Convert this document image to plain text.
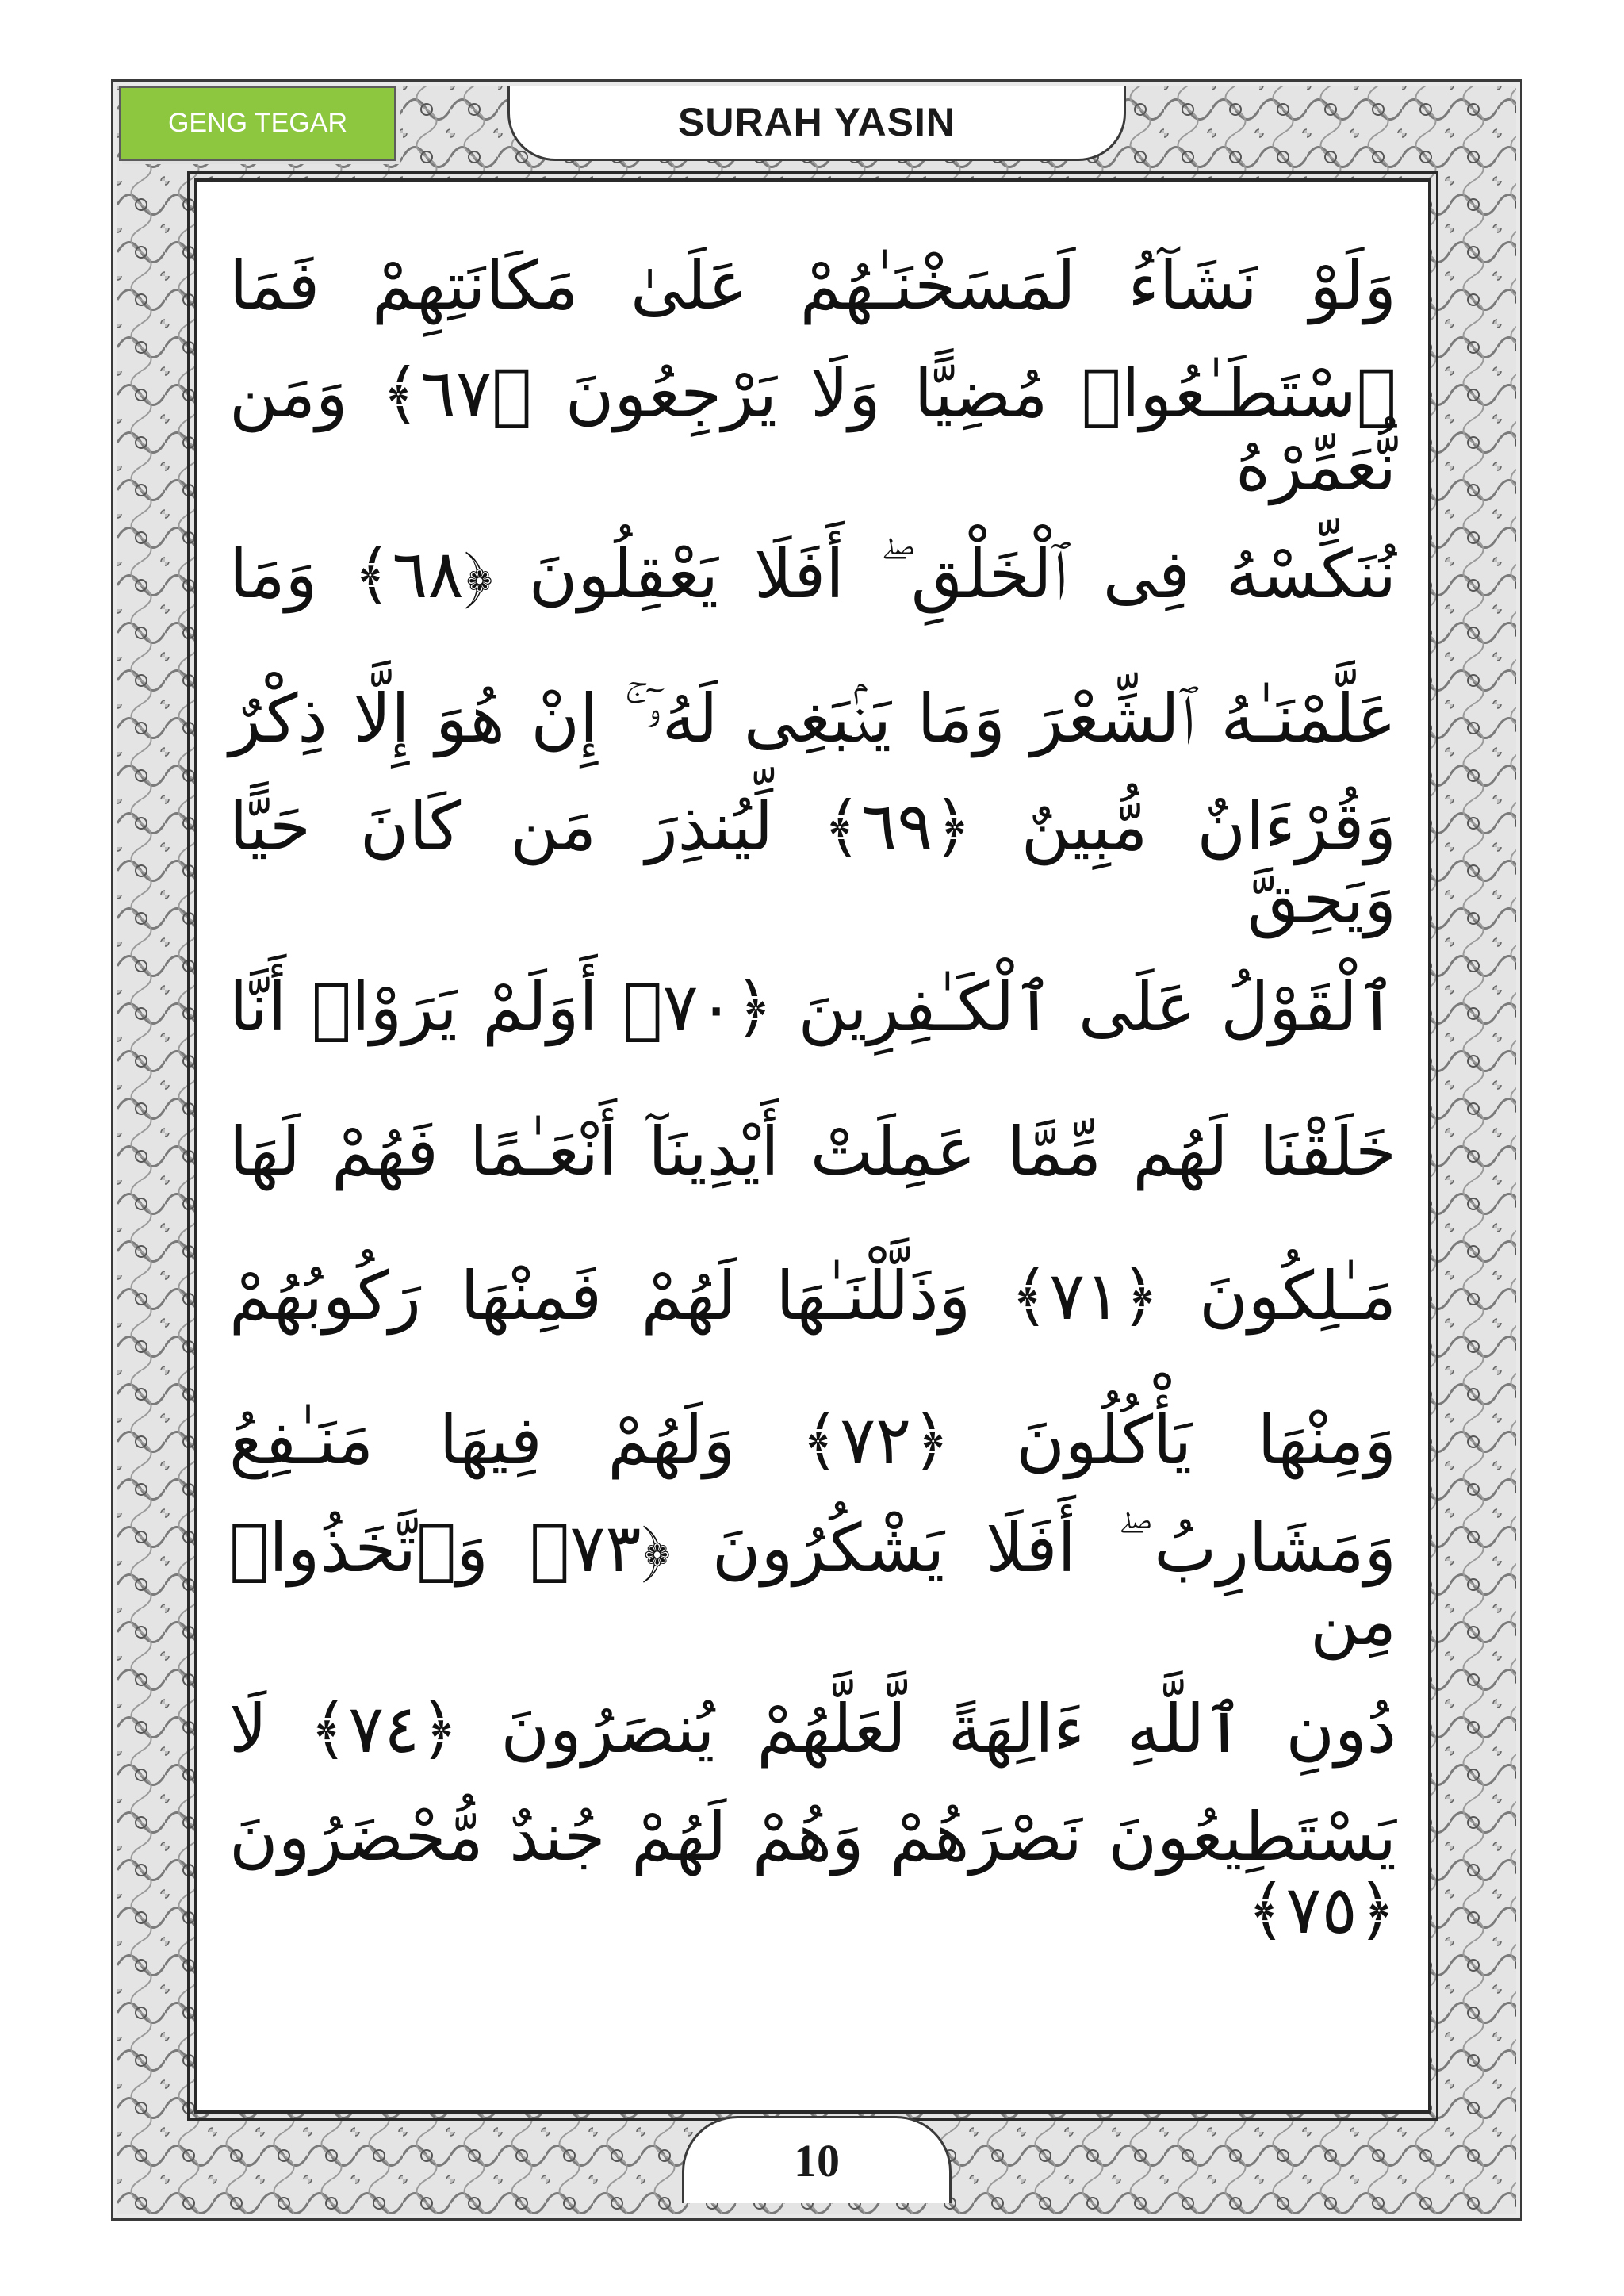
وَلَوْ نَشَآءُ لَمَسَخْنَـٰهُمْ عَلَىٰ مَكَانَتِهِمْ فَمَا
ٱسْتَطَـٰعُوا۟ مُضِيًّا وَلَا يَرْجِعُونَ ﴿٦٧﴾ وَمَن نُّعَمِّرْهُ
نُنَكِّسْهُ فِى ٱلْخَلْقِ ۖ أَفَلَا يَعْقِلُونَ ﴿٦٨﴾ وَمَا
عَلَّمْنَـٰهُ ٱلشِّعْرَ وَمَا يَنۢبَغِى لَهُۥٓ ۚ إِنْ هُوَ إِلَّا ذِكْرٌ
وَقُرْءَانٌ مُّبِينٌ ﴿٦٩﴾ لِّيُنذِرَ مَن كَانَ حَيًّا وَيَحِقَّ
ٱلْقَوْلُ عَلَى ٱلْكَـٰفِرِينَ ﴿٧٠﴾ أَوَلَمْ يَرَوْا۟ أَنَّا
خَلَقْنَا لَهُم مِّمَّا عَمِلَتْ أَيْدِينَآ أَنْعَـٰمًا فَهُمْ لَهَا
مَـٰلِكُونَ ﴿٧١﴾ وَذَلَّلْنَـٰهَا لَهُمْ فَمِنْهَا رَكُوبُهُمْ
وَمِنْهَا يَأْكُلُونَ ﴿٧٢﴾ وَلَهُمْ فِيهَا مَنَـٰفِعُ
وَمَشَارِبُ ۖ أَفَلَا يَشْكُرُونَ ﴿٧٣﴾ وَٱتَّخَذُوا۟ مِن
دُونِ ٱللَّهِ ءَالِهَةً لَّعَلَّهُمْ يُنصَرُونَ ﴿٧٤﴾ لَا
يَسْتَطِيعُونَ نَصْرَهُمْ وَهُمْ لَهُمْ جُندٌ مُّحْضَرُونَ ﴿٧٥﴾
GENG TEGAR	SURAH YASIN
10
